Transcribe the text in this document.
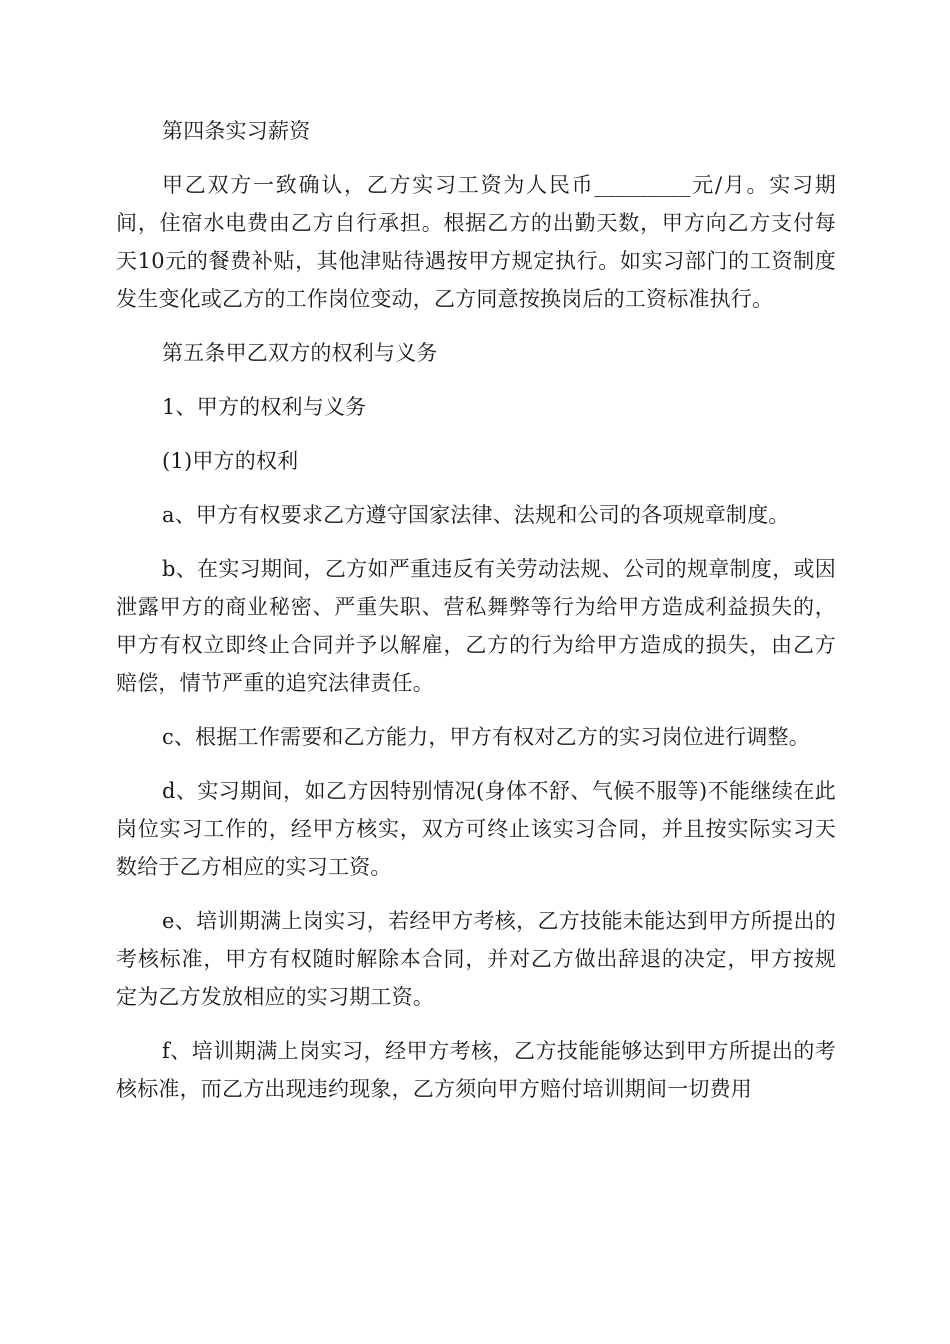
第四条实习薪资

甲乙双方一致确认，乙方实习工资为人民币_________元/月。实习期间，住宿水电费由乙方自行承担。根据乙方的出勤天数，甲方向乙方支付每天10元的餐费补贴，其他津贴待遇按甲方规定执行。如实习部门的工资制度发生变化或乙方的工作岗位变动，乙方同意按换岗后的工资标准执行。

第五条甲乙双方的权利与义务

1、甲方的权利与义务

(1)甲方的权利

a、甲方有权要求乙方遵守国家法律、法规和公司的各项规章制度。

b、在实习期间，乙方如严重违反有关劳动法规、公司的规章制度，或因泄露甲方的商业秘密、严重失职、营私舞弊等行为给甲方造成利益损失的，甲方有权立即终止合同并予以解雇，乙方的行为给甲方造成的损失，由乙方赔偿，情节严重的追究法律责任。

c、根据工作需要和乙方能力，甲方有权对乙方的实习岗位进行调整。

d、实习期间，如乙方因特别情况(身体不舒、气候不服等)不能继续在此岗位实习工作的，经甲方核实，双方可终止该实习合同，并且按实际实习天数给于乙方相应的实习工资。

e、培训期满上岗实习，若经甲方考核，乙方技能未能达到甲方所提出的考核标准，甲方有权随时解除本合同，并对乙方做出辞退的决定，甲方按规定为乙方发放相应的实习期工资。

f、培训期满上岗实习，经甲方考核，乙方技能能够达到甲方所提出的考核标准，而乙方出现违约现象，乙方须向甲方赔付培训期间一切费用
